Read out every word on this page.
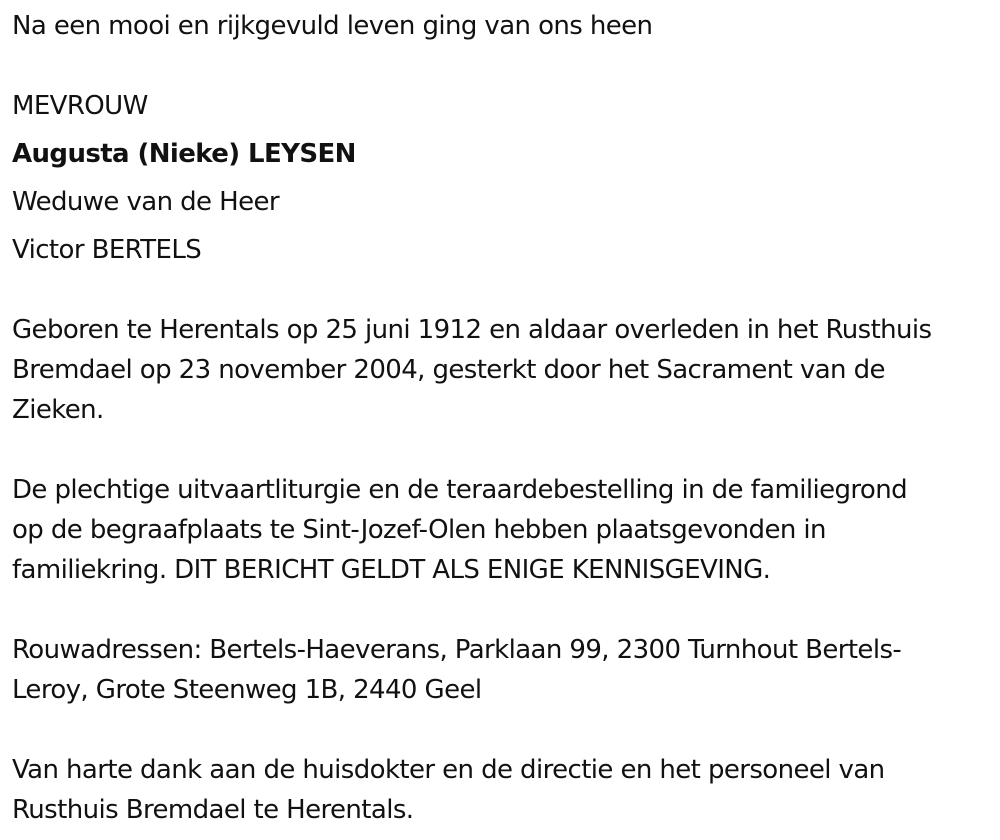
Na een mooi en rijkgevuld leven ging van ons heen
MEVROUW
Augusta (Nieke) LEYSEN
Weduwe van de Heer
Victor BERTELS
Geboren te Herentals op 25 juni 1912 en aldaar overleden in het Rusthuis
Bremdael op 23 november 2004, gesterkt door het Sacrament van de
Zieken.
De plechtige uitvaartliturgie en de teraardebestelling in de familiegrond
op de begraafplaats te Sint-Jozef-Olen hebben plaatsgevonden in
familiekring. DIT BERICHT GELDT ALS ENIGE KENNISGEVING.
Rouwadressen: Bertels-Haeverans, Parklaan 99, 2300 Turnhout Bertels-
Leroy, Grote Steenweg 1B, 2440 Geel
Van harte dank aan de huisdokter en de directie en het personeel van
Rusthuis Bremdael te Herentals.
